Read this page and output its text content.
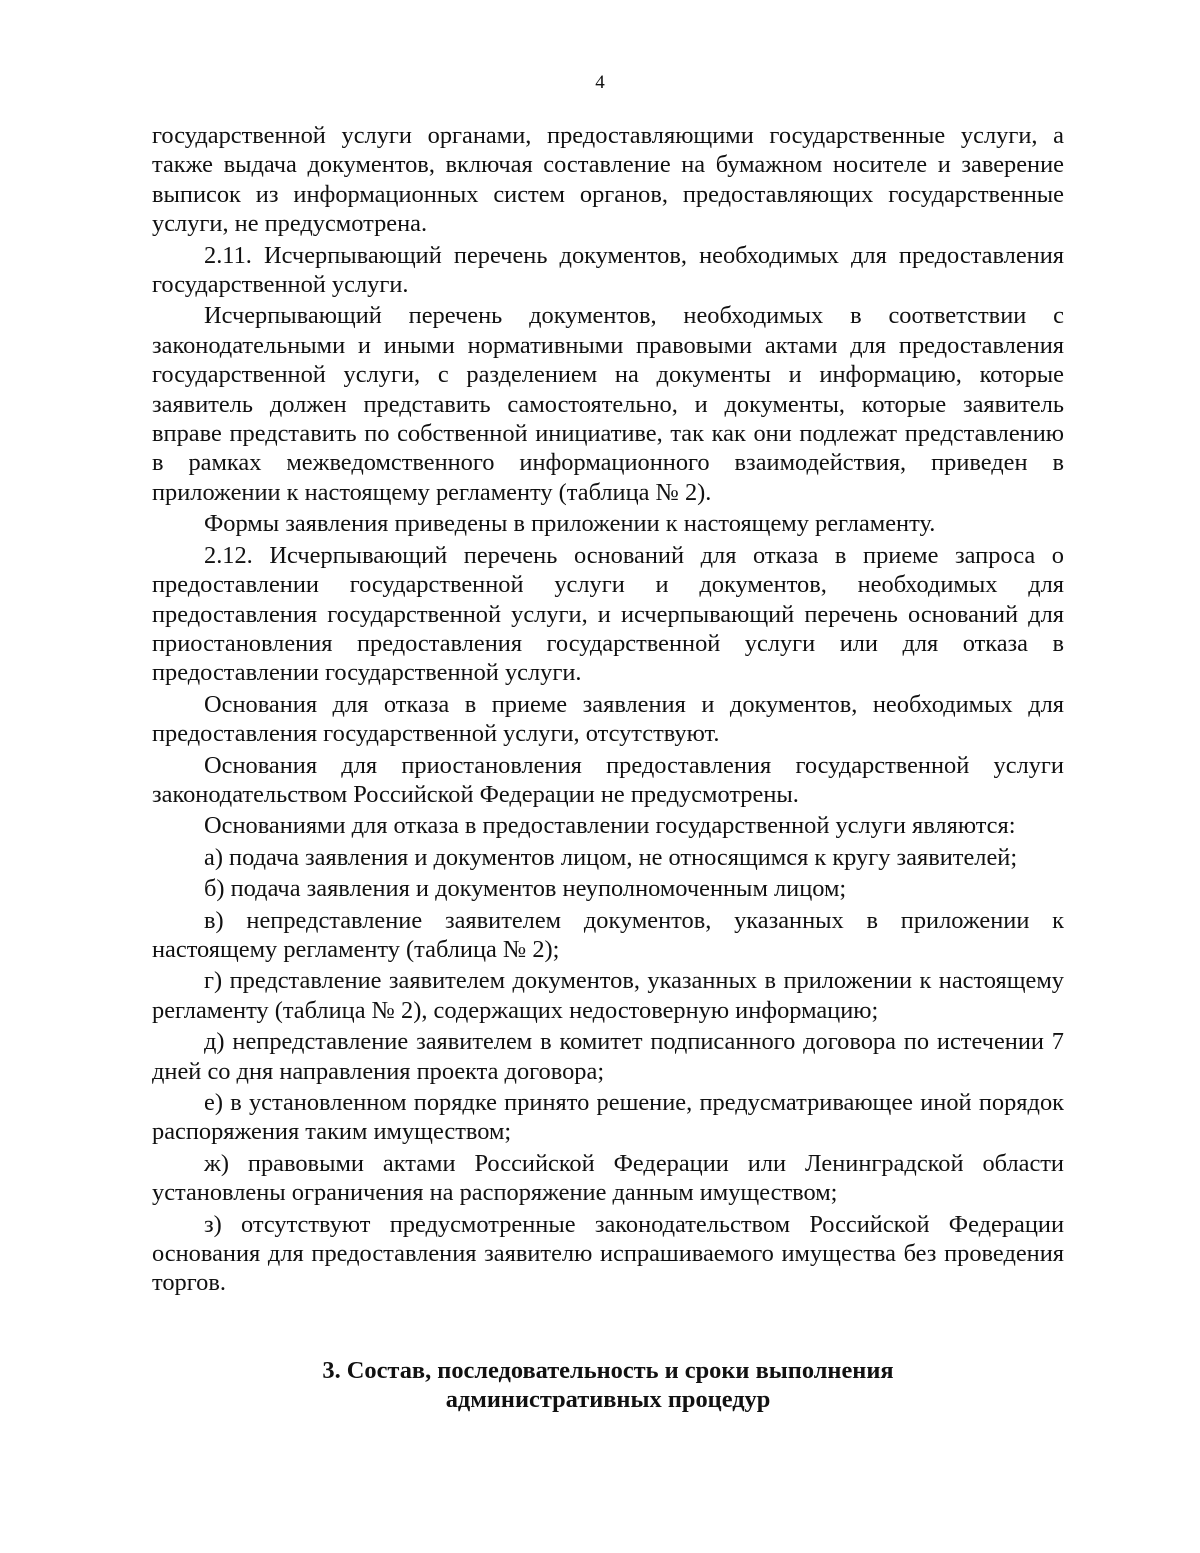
4

государственной услуги органами, предоставляющими государственные услуги, а также выдача документов, включая составление на бумажном носителе и заверение выписок из информационных систем органов, предоставляющих государственные услуги, не предусмотрена.

2.11. Исчерпывающий перечень документов, необходимых для предоставления государственной услуги.

Исчерпывающий перечень документов, необходимых в соответствии с законодательными и иными нормативными правовыми актами для предоставления государственной услуги, с разделением на документы и информацию, которые заявитель должен представить самостоятельно, и документы, которые заявитель вправе представить по собственной инициативе, так как они подлежат представлению в рамках межведомственного информационного взаимодействия, приведен в приложении к настоящему регламенту (таблица № 2).

Формы заявления приведены в приложении к настоящему регламенту.

2.12. Исчерпывающий перечень оснований для отказа в приеме запроса о предоставлении государственной услуги и документов, необходимых для предоставления государственной услуги, и исчерпывающий перечень оснований для приостановления предоставления государственной услуги или для отказа в предоставлении государственной услуги.

Основания для отказа в приеме заявления и документов, необходимых для предоставления государственной услуги, отсутствуют.

Основания для приостановления предоставления государственной услуги законодательством Российской Федерации не предусмотрены.

Основаниями для отказа в предоставлении государственной услуги являются:

а) подача заявления и документов лицом, не относящимся к кругу заявителей;

б) подача заявления и документов неуполномоченным лицом;

в) непредставление заявителем документов, указанных в приложении к настоящему регламенту (таблица № 2);

г) представление заявителем документов, указанных в приложении к настоящему регламенту (таблица № 2), содержащих недостоверную информацию;

д) непредставление заявителем в комитет подписанного договора по истечении 7 дней со дня направления проекта договора;

е) в установленном порядке принято решение, предусматривающее иной порядок распоряжения таким имуществом;

ж) правовыми актами Российской Федерации или Ленинградской области установлены ограничения на распоряжение данным имуществом;

з) отсутствуют предусмотренные законодательством Российской Федерации основания для предоставления заявителю испрашиваемого имущества без проведения торгов.

3. Состав, последовательность и сроки выполнения
административных процедур
